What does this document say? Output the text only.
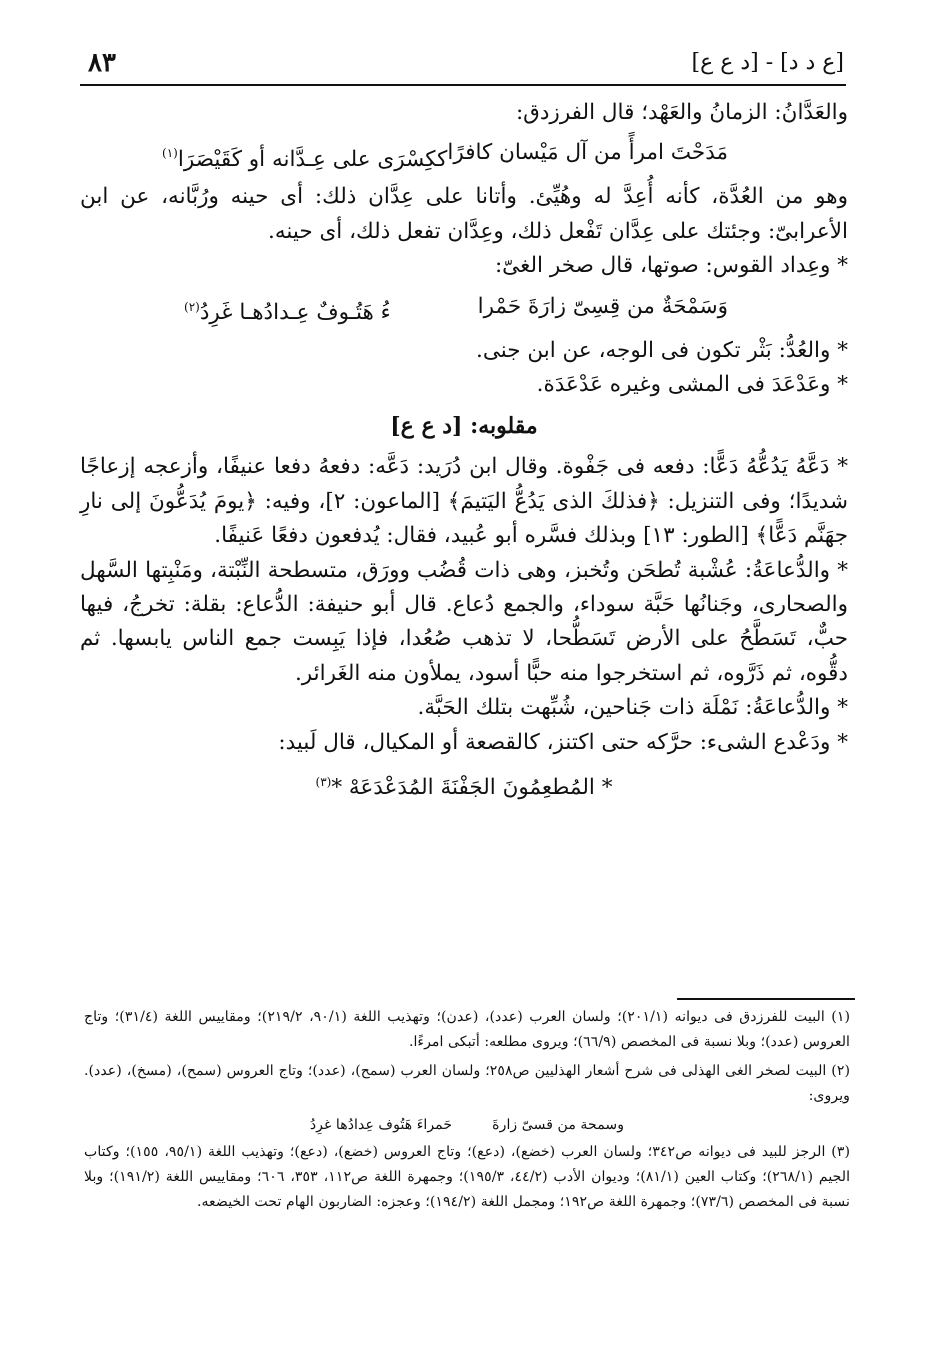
٨٣	[ع د د] - [د ع ع]

والعَدَّانُ: الزمانُ والعَهْد؛ قال الفرزدق:

مَدَحْتَ امرأً من آل مَيْسان كافرًا
ككِسْرَى على عِـدَّانه أو كَقَيْصَرَا(١)

وهو من العُدَّة، كأنه أُعِدَّ له وهُيِّئ. وأتانا على عِدَّان ذلك: أى حينه ورُبَّانه، عن ابن الأعرابىّ: وجئتك على عِدَّان تَفْعل ذلك، وعِدَّان تفعل ذلك، أى حينه.

* وعِداد القوس: صوتها، قال صخر الغىّ:

وَسَمْحَةٌ من قِسِىّ زارَةَ حَمْرا
ءُ هَتُـوفٌ عِـدادُهـا غَرِدُ(٢)

* والعُدُّ: بَثْر تكون فى الوجه، عن ابن جنى.

* وعَدْعَدَ فى المشى وغيره عَدْعَدَة.

مقلوبه: [د ع ع]

* دَعَّهُ يَدُعُّهُ دَعًّا: دفعه فى جَفْوة. وقال ابن دُرَيد: دَعَّه: دفعهُ دفعا عنيفًا، وأزعجه إزعاجًا شديدًا؛ وفى التنزيل: ﴿فذلكَ الذى يَدُعُّ اليَتيمَ﴾ [الماعون: ٢]، وفيه: ﴿يومَ يُدَعُّونَ إلى نارِ جهَنَّم دَعًّا﴾ [الطور: ١٣] وبذلك فسَّره أبو عُبيد، فقال: يُدفعون دفعًا عَنيفًا.

* والدُّعاعَةُ: عُشْبة تُطحَن وتُخبز، وهى ذات قُضُب وورَق، متسطحة النِّبْتة، ومَنْبِتها السَّهل والصحارى، وجَنانُها حَبَّة سوداء، والجمع دُعاع. قال أبو حنيفة: الدُّعاع: بقلة: تخرجُ، فيها حبٌّ، تَسَطَّحُ على الأرض تَسَطُّحا، لا تذهب صُعُدا، فإذا يَبِست جمع الناس يابسها. ثم دقُّوه، ثم ذَرَّوه، ثم استخرجوا منه حبًّا أسود، يملأون منه الغَرائر.

* والدُّعاعَةُ: نَمْلَة ذات جَناحين، شُبِّهت بتلك الحَبَّة.

* ودَعْدع الشىء: حرَّكه حتى اكتنز، كالقصعة أو المكيال، قال لَبيد:

* المُطعِمُونَ الجَفْنَةَ المُدَعْدَعَهْ *$^{(٣)}$

(١) البيت للفرزدق فى ديوانه (٢٠١/١)؛ ولسان العرب (عدد)، (عدن)؛ وتهذيب اللغة (٩٠/١، ٢١٩/٢)؛ ومقاييس اللغة (٣١/٤)؛ وتاج العروس (عدد)؛ وبلا نسبة فى المخصص (٦٦/٩)؛ ويروى مطلعه: أتبكى امرءًا.

(٢) البيت لصخر الغى الهذلى فى شرح أشعار الهذليين ص٢٥٨؛ ولسان العرب (سمح)، (عدد)؛ وتاج العروس (سمح)، (مسخ)، (عدد). ويروى:

وسمحة من قسىّ زارةَ
حَمراءَ هَتُوف عِدادُها غرِدُ

(٣) الرجز للبيد فى ديوانه ص٣٤٢؛ ولسان العرب (خضع)، (دعع)؛ وتاج العروس (خضع)، (دعع)؛ وتهذيب اللغة (٩٥/١، ١٥٥)؛ وكتاب الجيم (٢٦٨/١)؛ وكتاب العين (٨١/١)؛ وديوان الأدب (٤٤/٢، ١٩٥/٣)؛ وجمهرة اللغة ص١١٢، ٣٥٣، ٦٠٦؛ ومقاييس اللغة (١٩١/٢)؛ وبلا نسبة فى المخصص (٧٣/٦)؛ وجمهرة اللغة ص١٩٢؛ ومجمل اللغة (١٩٤/٢)؛ وعجزه: الضاربون الهام تحت الخيضعه.
